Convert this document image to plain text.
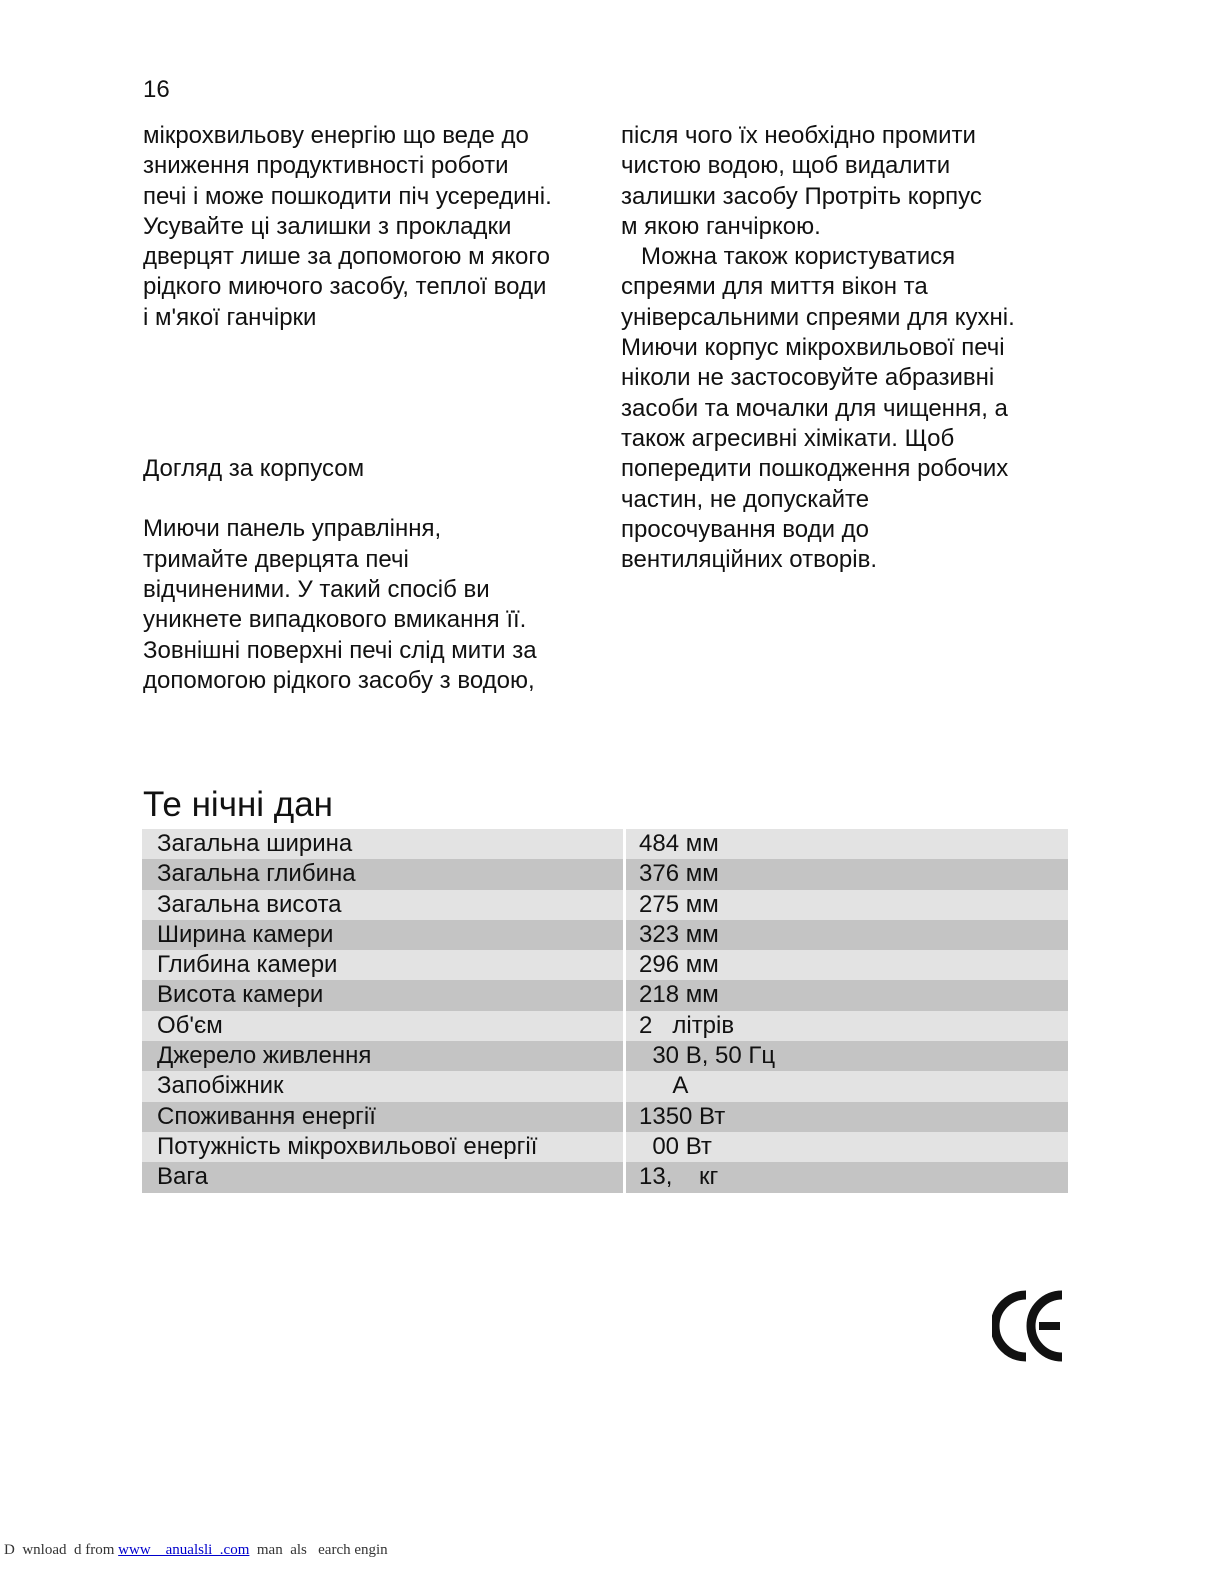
16
мікрохвильову енергію що веде до
зниження продуктивності роботи
печі і може пошкодити піч усередині.
Усувайте ці залишки з прокладки
дверцят лише за допомогою м якого
рідкого миючого засобу, теплої води
і м'якої ганчірки
Догляд за корпусом
Миючи панель управління,
тримайте дверцята печі
відчиненими. У такий спосіб ви
уникнете випадкового вмикання її.
Зовнішні поверхні печі слід мити за
допомогою рідкого засобу з водою,
після чого їх необхідно промити
чистою водою, щоб видалити
залишки засобу Протріть корпус
м якою ганчіркою.
Можна також користуватися
спреями для миття вікон та
універсальними спреями для кухні.
Миючи корпус мікрохвильової печі
ніколи не застосовуйте абразивні
засоби та мочалки для чищення, а
також агресивні хімікати. Щоб
попередити пошкодження робочих
частин, не допускайте
просочування води до
вентиляційних отворів.
Те нічні дан
Загальна ширина		484 мм
Загальна глибина		376 мм
Загальна висота		275 мм
Ширина камери		323 мм
Глибина камери		296 мм
Висота камери		218 мм
Об'єм		2   літрів
Джерело живлення		30 В, 50 Гц
Запобіжник		А
Споживання енергії		1350 Вт
Потужність мікрохвильової енергії		00 Вт
Вага		13,    кг
D  wnload  d from www    anualsli  .com  man  als   earch engin
